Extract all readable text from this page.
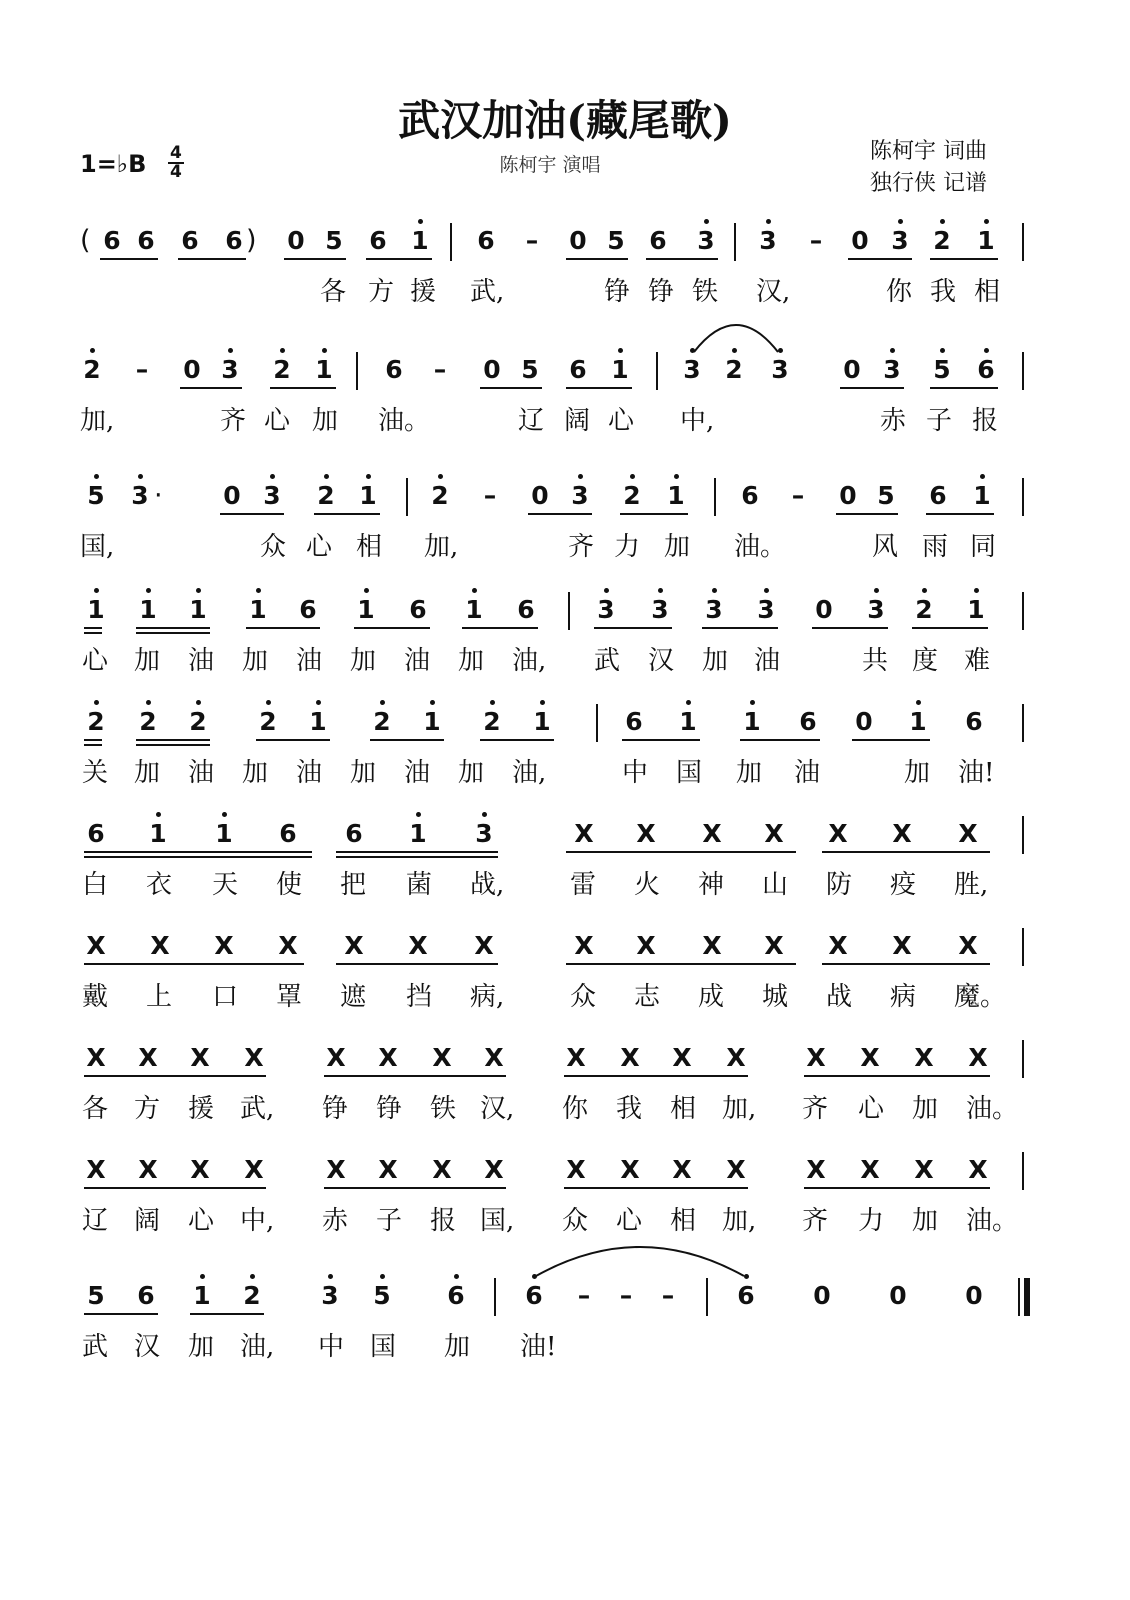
武汉加油(藏尾歌)
陈柯宇 演唱
陈柯宇 词曲
独行侠 记谱
1=♭B 4
4
( 6 6 6 6 ) 0 5 6 1 6 – 0 5 6 3 3 – 0 3 2 1
各 方 援 武,	铮 铮 铁 汉,	你 我 相
2 – 0 3 2 1 6 – 0 5 6 1 3 2 3 0 3 5 6
加,	齐 心 加 油。	辽 阔 心 中,	赤 子 报
5 3 · 0 3 2 1 2 – 0 3 2 1 6 – 0 5 6 1
国,	众 心 相 加,	齐 力 加 油。	风 雨 同
1 1 1 1 6 1 6 1 6	3 3 3 3 0 3 2 1
心 加 油 加 油 加 油 加 油,	武 汉 加 油	共 度 难
2 2 2 2 1 2 1 2 1	6 1 1 6 0 1 6
关 加 油 加 油 加 油 加 油,	中 国 加 油	加 油!
6 1 1 6 6 1 3	X X X X X X X
白 衣 天 使 把 菌 战,	雷 火 神 山 防 疫 胜,
X X X X X X X	X X X X X X X
戴 上 口 罩 遮 挡 病,	众 志 成 城 战 病 魔。
X X X X	X X X X	X X X X X X X X
各 方 援 武,	铮 铮 铁 汉,	你 我 相 加,	齐 心 加 油。
X X X X	X X X X	X X X X X X X X
辽 阔 心 中,	赤 子 报 国,	众 心 相 加,	齐 力 加 油。
5 6 1 2 3 5 6 6 – – –	6 0 0 0
武 汉 加 油,	中 国 加 油!
